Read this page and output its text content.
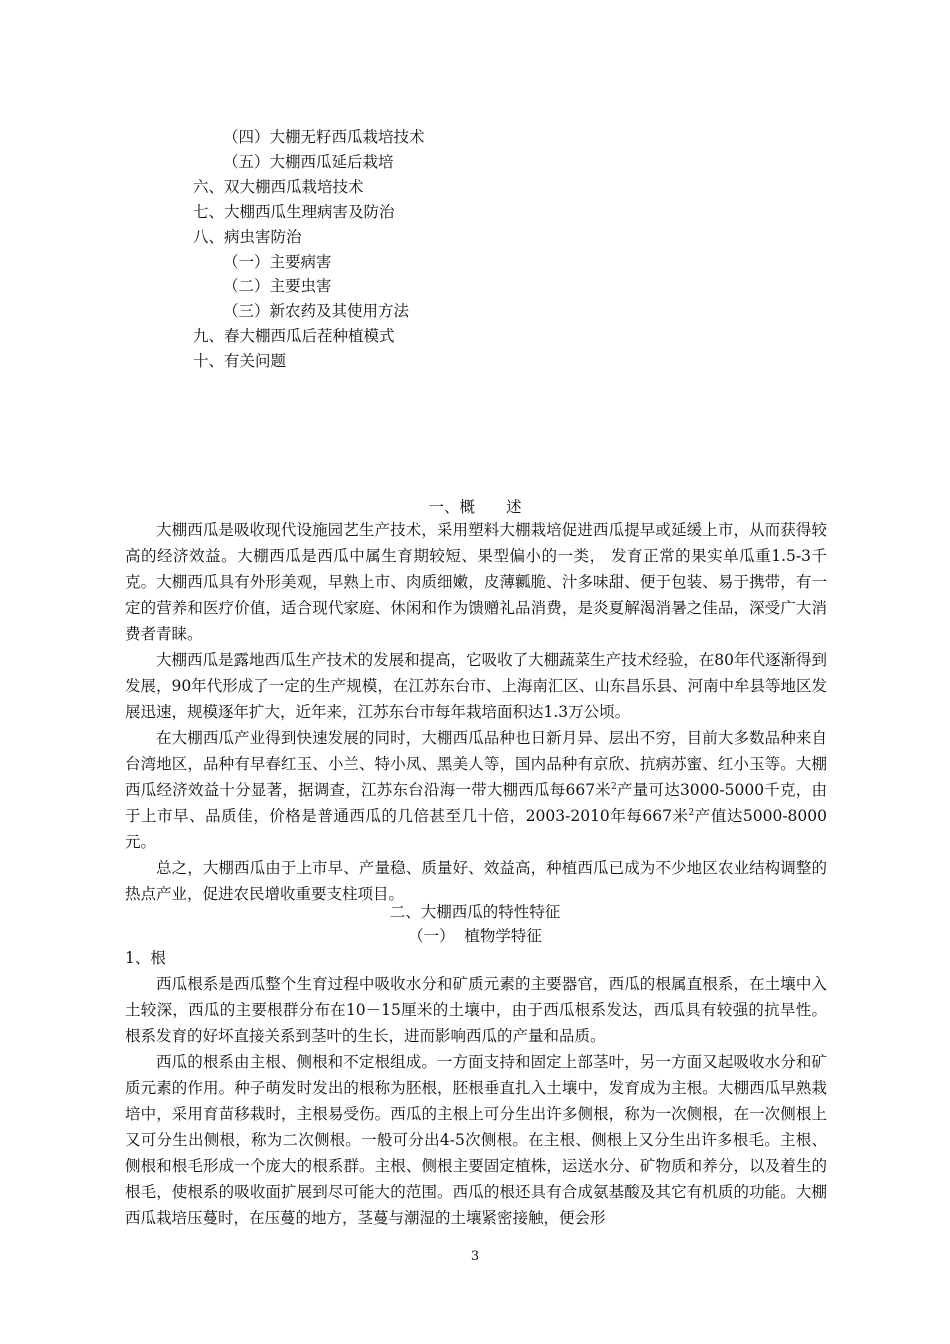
（四）大棚无籽西瓜栽培技术
（五）大棚西瓜延后栽培
六、双大棚西瓜栽培技术
七、大棚西瓜生理病害及防治
八、病虫害防治
（一）主要病害
（二）主要虫害
（三）新农药及其使用方法
九、春大棚西瓜后茬种植模式
十、有关问题
一、概　　述

大棚西瓜是吸收现代设施园艺生产技术，采用塑料大棚栽培促进西瓜提早或延缓上市，从而获得较高的经济效益。大棚西瓜是西瓜中属生育期较短、果型偏小的一类， 发育正常的果实单瓜重1.5-3千克。大棚西瓜具有外形美观，早熟上市、肉质细嫩，皮薄瓤脆、汁多味甜、便于包装、易于携带，有一定的营养和医疗价值，适合现代家庭、休闲和作为馈赠礼品消费，是炎夏解渴消暑之佳品，深受广大消费者青睐。

大棚西瓜是露地西瓜生产技术的发展和提高，它吸收了大棚蔬菜生产技术经验，在80年代逐渐得到发展，90年代形成了一定的生产规模，在江苏东台市、上海南汇区、山东昌乐县、河南中牟县等地区发展迅速，规模逐年扩大，近年来，江苏东台市每年栽培面积达1.3万公顷。

在大棚西瓜产业得到快速发展的同时，大棚西瓜品种也日新月异、层出不穷，目前大多数品种来自台湾地区，品种有早春红玉、小兰、特小凤、黑美人等，国内品种有京欣、抗病苏蜜、红小玉等。大棚西瓜经济效益十分显著，据调查，江苏东台沿海一带大棚西瓜每667米$^2$产量可达3000-5000千克，由于上市早、品质佳，价格是普通西瓜的几倍甚至几十倍，2003-2010年每667米$^2$产值达5000-8000元。

总之，大棚西瓜由于上市早、产量稳、质量好、效益高，种植西瓜已成为不少地区农业结构调整的热点产业，促进农民增收重要支柱项目。

二、大棚西瓜的特性特征
（一）  植物学特征

1、根

西瓜根系是西瓜整个生育过程中吸收水分和矿质元素的主要器官，西瓜的根属直根系，在土壤中入土较深，西瓜的主要根群分布在10－15厘米的土壤中，由于西瓜根系发达，西瓜具有较强的抗旱性。根系发育的好坏直接关系到茎叶的生长，进而影响西瓜的产量和品质。

西瓜的根系由主根、侧根和不定根组成。一方面支持和固定上部茎叶，另一方面又起吸收水分和矿质元素的作用。种子萌发时发出的根称为胚根，胚根垂直扎入土壤中，发育成为主根。大棚西瓜早熟栽培中，采用育苗移栽时，主根易受伤。西瓜的主根上可分生出许多侧根，称为一次侧根，在一次侧根上又可分生出侧根，称为二次侧根。一般可分出4-5次侧根。在主根、侧根上又分生出许多根毛。主根、侧根和根毛形成一个庞大的根系群。主根、侧根主要固定植株，运送水分、矿物质和养分，以及着生的根毛，使根系的吸收面扩展到尽可能大的范围。西瓜的根还具有合成氨基酸及其它有机质的功能。大棚西瓜栽培压蔓时，在压蔓的地方，茎蔓与潮湿的土壤紧密接触，便会形

3
